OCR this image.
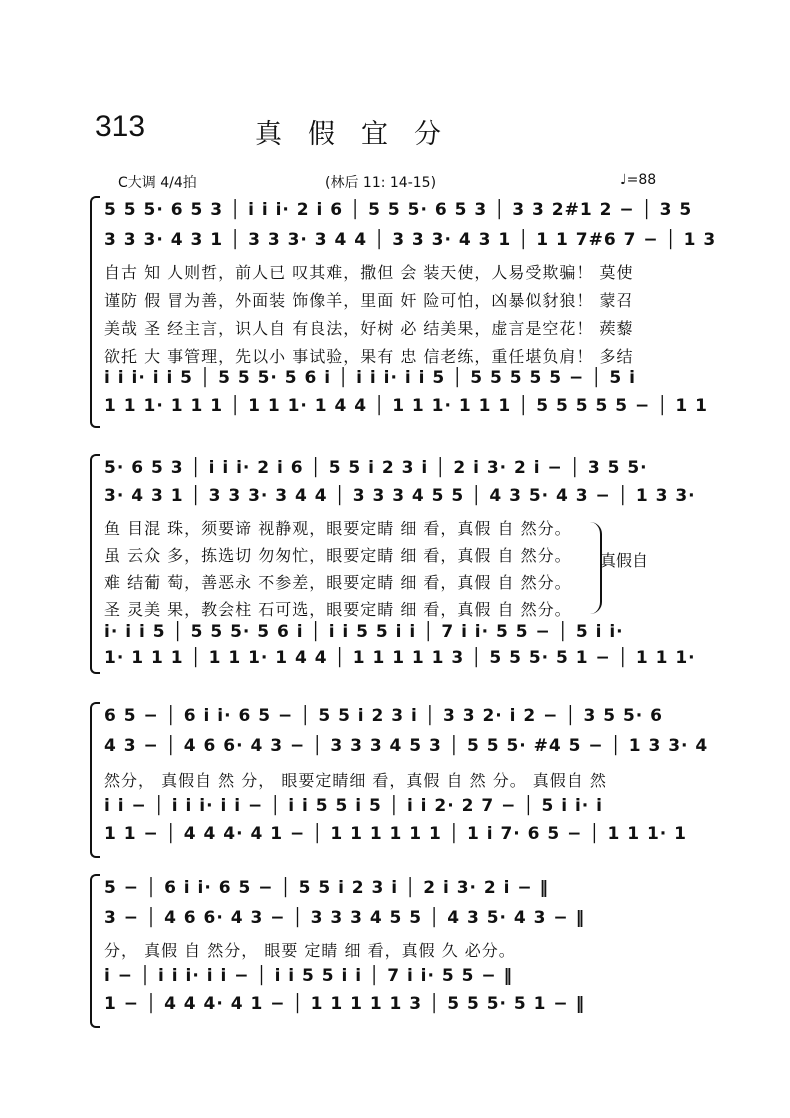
313	真假宜分
C大调 4/4拍	(林后 11: 14-15)	♩=88
5 5 5· 6 5 3 │ i i i· 2 i 6 │ 5 5 5· 6 5 3 │ 3 3 2#1 2 − │ 3 5
3 3 3· 4 3 1 │ 3 3 3· 3 4 4 │ 3 3 3· 4 3 1 │ 1 1 7#6 7 − │ 1 3
自古 知 人则哲，前人已 叹其难，撒但 会 装天使，人易受欺骗！ 莫使
谨防 假 冒为善，外面装 饰像羊，里面 奸 险可怕，凶暴似豺狼！ 蒙召
美哉 圣 经主言，识人自 有良法，好树 必 结美果，虚言是空花！ 蒺藜
欲托 大 事管理，先以小 事试验，果有 忠 信老练，重任堪负肩！ 多结
i i i· i i 5 │ 5 5 5· 5 6 i │ i i i· i i 5 │ 5 5 5 5 5 − │ 5 i
1 1 1· 1 1 1 │ 1 1 1· 1 4 4 │ 1 1 1· 1 1 1 │ 5 5 5 5 5 − │ 1 1
5· 6 5 3 │ i i i· 2 i 6 │ 5 5 i 2 3 i │ 2 i 3· 2 i − │ 3 5 5·
3· 4 3 1 │ 3 3 3· 3 4 4 │ 3 3 3 4 5 5 │ 4 3 5· 4 3 − │ 1 3 3·
鱼 目混 珠，须要谛 视静观，眼要定睛 细 看，真假 自 然分。
虽 云众 多，拣选切 勿匆忙，眼要定睛 细 看，真假 自 然分。
难 结葡 萄，善恶永 不参差，眼要定睛 细 看，真假 自 然分。
圣 灵美 果，教会柱 石可选，眼要定睛 细 看，真假 自 然分。
i· i i 5 │ 5 5 5· 5 6 i │ i i 5 5 i i │ 7 i i· 5 5 − │ 5 i i·
1· 1 1 1 │ 1 1 1· 1 4 4 │ 1 1 1 1 1 3 │ 5 5 5· 5 1 − │ 1 1 1·
真假自
6 5 − │ 6 i i· 6 5 − │ 5 5 i 2 3 i │ 3 3 2· i 2 − │ 3 5 5· 6
4 3 − │ 4 6 6· 4 3 − │ 3 3 3 4 5 3 │ 5 5 5· #4 5 − │ 1 3 3· 4
然分， 真假自 然 分， 眼要定睛细 看，真假 自 然 分。 真假自 然
i i − │ i i i· i i − │ i i 5 5 i 5 │ i i 2· 2 7 − │ 5 i i· i
1 1 − │ 4 4 4· 4 1 − │ 1 1 1 1 1 1 │ 1 i 7· 6 5 − │ 1 1 1· 1
5 − │ 6 i i· 6 5 − │ 5 5 i 2 3 i │ 2 i 3· 2 i − ‖
3 − │ 4 6 6· 4 3 − │ 3 3 3 4 5 5 │ 4 3 5· 4 3 − ‖
分， 真假 自 然分， 眼要 定睛 细 看，真假 久 必分。
i − │ i i i· i i − │ i i 5 5 i i │ 7 i i· 5 5 − ‖
1 − │ 4 4 4· 4 1 − │ 1 1 1 1 1 3 │ 5 5 5· 5 1 − ‖
